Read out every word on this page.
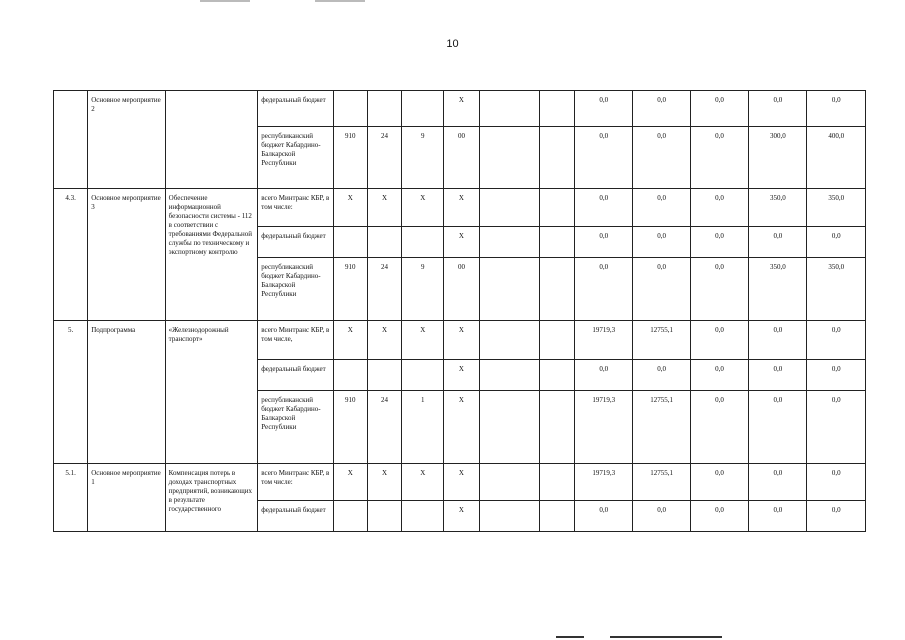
10
	Основное мероприятие 2		федеральный бюджет				Х			0,0	0,0	0,0	0,0	0,0
			республиканский бюджет Кабардино-Балкарской Республики	910	24	9	00			0,0	0,0	0,0	300,0	400,0
4.3.	Основное мероприятие 3	Обеспечение информационной безопасности системы - 112 в соответствии с требованиями Федеральной службы по техническому и экспортному контролю	всего Минтранс КБР, в том числе:	Х	Х	Х	Х			0,0	0,0	0,0	350,0	350,0
			федеральный бюджет				Х			0,0	0,0	0,0	0,0	0,0
			республиканский бюджет Кабардино-Балкарской Республики	910	24	9	00			0,0	0,0	0,0	350,0	350,0
5.	Подпрограмма	«Железнодорожный транспорт»	всего Минтранс КБР, в том числе,	Х	Х	Х	Х			19719,3	12755,1	0,0	0,0	0,0
			федеральный бюджет				Х			0,0	0,0	0,0	0,0	0,0
			республиканский бюджет Кабардино-Балкарской Республики	910	24	1	Х			19719,3	12755,1	0,0	0,0	0,0
5.1.	Основное мероприятие 1	Компенсация потерь в доходах транспортных предприятий, возникающих в результате государственного	всего Минтранс КБР, в том числе:	Х	Х	Х	Х			19719,3	12755,1	0,0	0,0	0,0
			федеральный бюджет				Х			0,0	0,0	0,0	0,0	0,0
